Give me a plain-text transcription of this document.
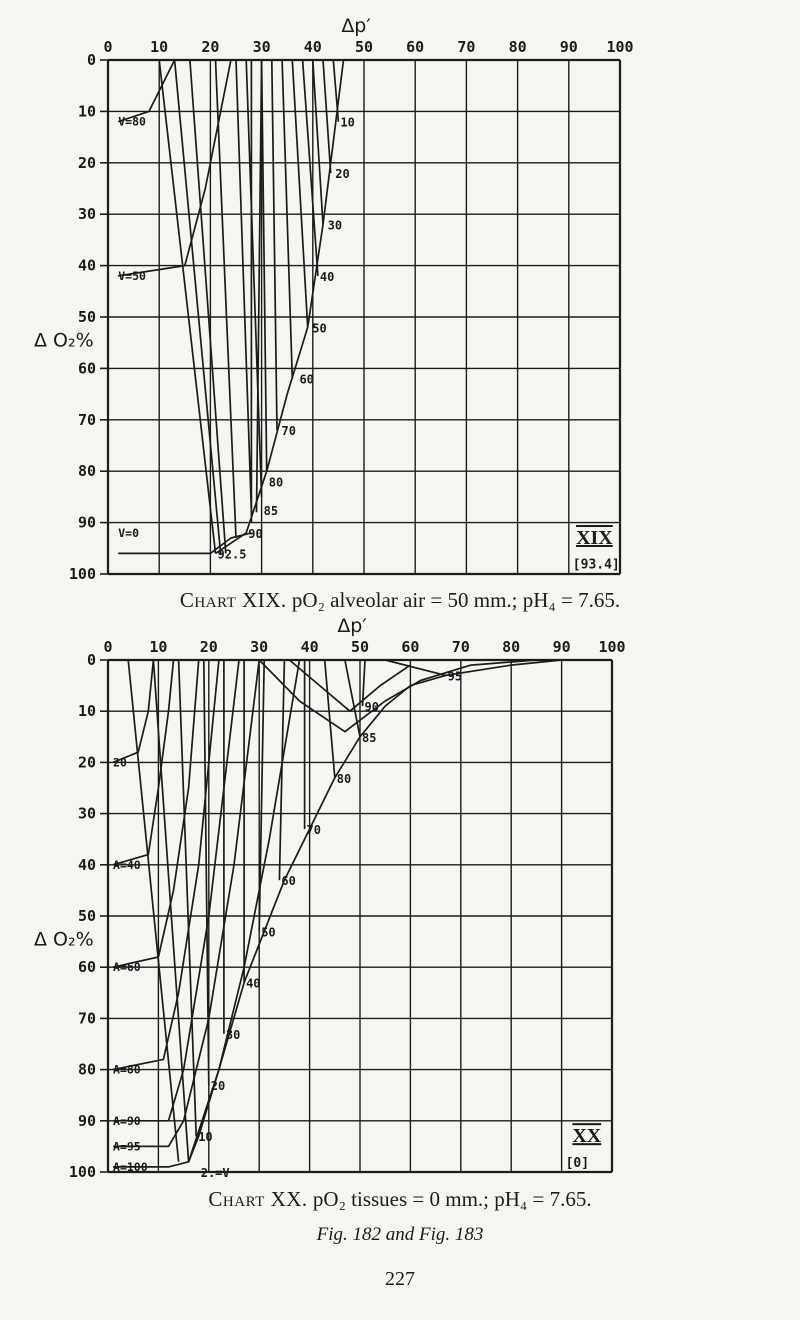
0	10 20 30 40 50 60 70 80 90 100
0
10
20
30
40
50
60
70
80
90
100
Δp′
Δ O₂%
10
20
30
40
50
60
70
80
85
90
92.5
V=80
V=50
V=0	XIX
[93.4]
Chart XIX. pO₂ alveolar air = 50 mm.; pH₄ = 7.65.
0 10 20 30 40 50 60 70 80 90 100
0
10
20
30
40
50
60
70
80
90
100
Δp′
Δ O₂%
95
90
85
80
70
60
50
40
30
20
10
2.=V
20
A=40
A=60
A=80
A=90
A=95
A=100
XX
[0]
Chart XX. pO₂ tissues = 0 mm.; pH₄ = 7.65.
Fig. 182 and Fig. 183
227
